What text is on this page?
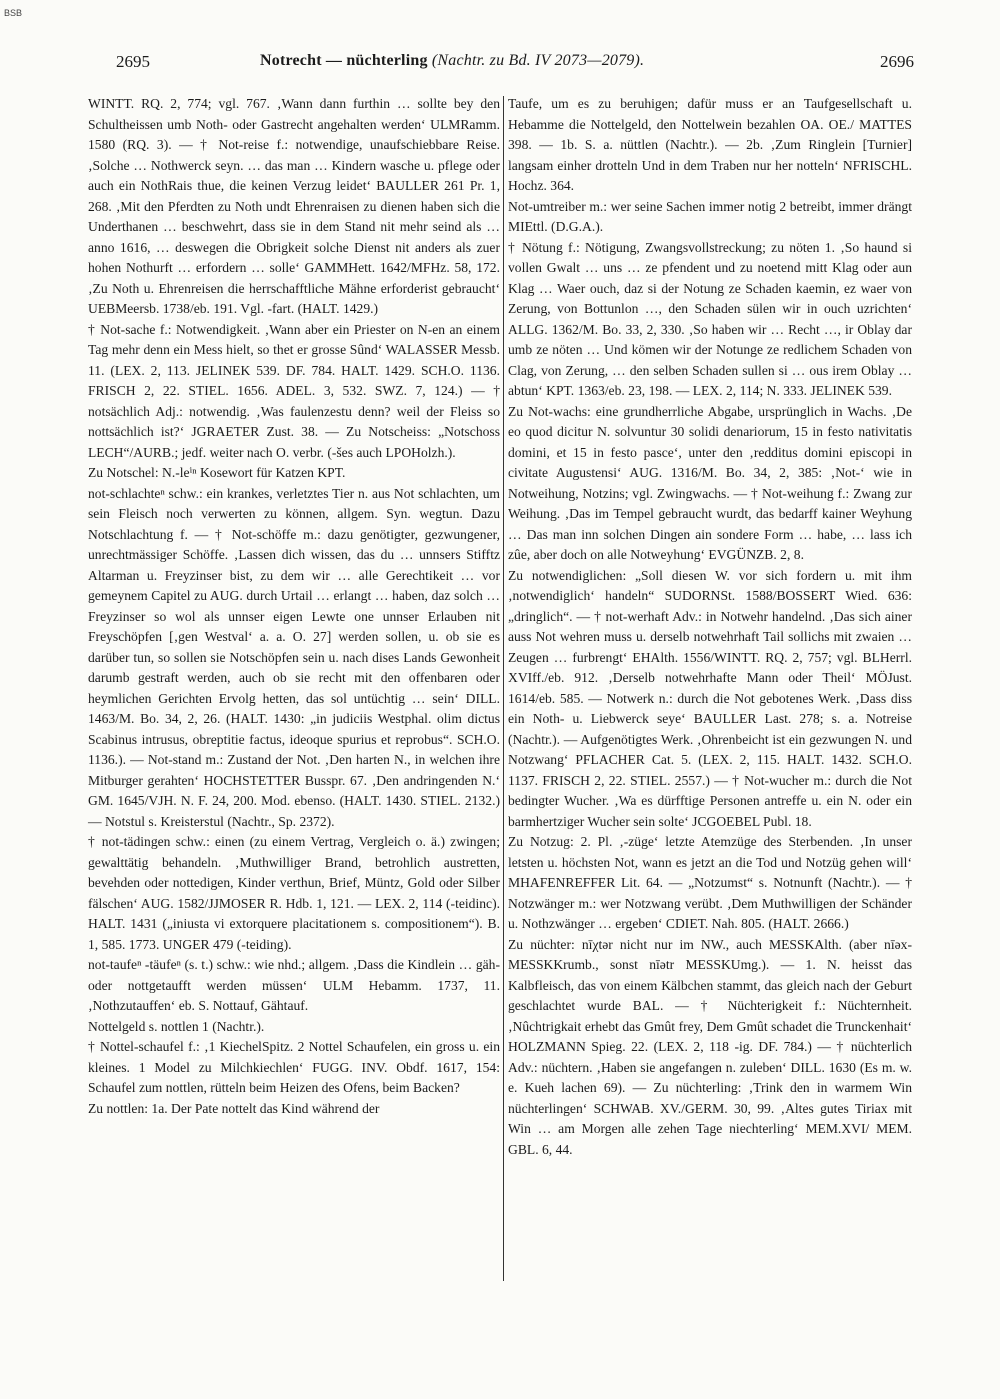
BSB
2695	Notrecht — nüchterling (Nachtr. zu Bd. IV 2073—2079).	2696

WINTT. RQ. 2, 774; vgl. 767. ‚Wann dann furthin … sollte bey den Schultheissen umb Noth- oder Gastrecht angehalten werden‘ ULMRamm. 1580 (RQ. 3). — † Not-reise f.: notwendige, unaufschiebbare Reise. ‚Solche … Nothwerck seyn. … das man … Kindern wasche u. pflege oder auch ein NothRais thue, die keinen Verzug leidet‘ BAULLER 261 Pr. 1, 268. ‚Mit den Pferdten zu Noth undt Ehrenraisen zu dienen haben sich die Underthanen … beschwehrt, dass sie in dem Stand nit mehr seind als … anno 1616, … deswegen die Obrigkeit solche Dienst nit anders als zuer hohen Nothurft … erfordern … solle‘ GAMMHett. 1642/MFHz. 58, 172. ‚Zu Noth u. Ehrenreisen die herrschafftliche Mähne erforderist gebraucht‘ UEBMeersb. 1738/eb. 191. Vgl. -fart. (HALT. 1429.)

† Not-sache f.: Notwendigkeit. ‚Wann aber ein Priester on N-en an einem Tag mehr denn ein Mess hielt, so thet er grosse Sûnd‘ WALASSER Messb. 11. (LEX. 2, 113. JELINEK 539. DF. 784. HALT. 1429. SCH.O. 1136. FRISCH 2, 22. STIEL. 1656. ADEL. 3, 532. SWZ. 7, 124.) — † notsächlich Adj.: notwendig. ‚Was faulenzestu denn? weil der Fleiss so nottsächlich ist?‘ JGRAETER Zust. 38. — Zu Notscheiss: „Notschoss LECH“/AURB.; jedf. weiter nach O. verbr. (-šes auch LPOHolzh.).

Zu Notschel: N.-leⁱⁿ Kosewort für Katzen KPT.

not-schlachteⁿ schw.: ein krankes, verletztes Tier n. aus Not schlachten, um sein Fleisch noch verwerten zu können, allgem. Syn. wegtun. Dazu Notschlachtung f. — † Not-schöffe m.: dazu genötigter, gezwungener, unrechtmässiger Schöffe. ‚Lassen dich wissen, das du … unnsers Stifftz Altarman u. Freyzinser bist, zu dem wir … alle Gerechtikeit … vor gemeynem Capitel zu AUG. durch Urtail … erlangt … haben, daz solch … Freyzinser so wol als unnser eigen Lewte one unnser Erlauben nit Freyschöpfen [‚gen Westval‘ a. a. O. 27] werden sollen, u. ob sie es darüber tun, so sollen sie Notschöpfen sein u. nach dises Lands Gewonheit darumb gestraft werden, auch ob sie recht mit den offenbaren oder heymlichen Gerichten Ervolg hetten, das sol untüchtig … sein‘ DILL. 1463/M. Bo. 34, 2, 26. (HALT. 1430: „in judiciis Westphal. olim dictus Scabinus intrusus, obreptitie factus, ideoque spurius et reprobus“. SCH.O. 1136.). — Not-stand m.: Zustand der Not. ‚Den harten N., in welchen ihre Mitburger gerahten‘ HOCHSTETTER Busspr. 67. ‚Den andringenden N.‘ GM. 1645/VJH. N. F. 24, 200. Mod. ebenso. (HALT. 1430. STIEL. 2132.) — Notstul s. Kreisterstul (Nachtr., Sp. 2372).

† not-tädingen schw.: einen (zu einem Vertrag, Vergleich o. ä.) zwingen; gewalttätig behandeln. ‚Muthwilliger Brand, betrohlich austretten, bevehden oder nottedigen, Kinder verthun, Brief, Müntz, Gold oder Silber fälschen‘ AUG. 1582/JJMOSER R. Hdb. 1, 121. — LEX. 2, 114 (-teidinc). HALT. 1431 („iniusta vi extorquere placitationem s. compositionem“). B. 1, 585. 1773. UNGER 479 (-teiding).

not-taufeⁿ -täufeⁿ (s. t.) schw.: wie nhd.; allgem. ‚Dass die Kindlein … gäh- oder nottgetaufft werden müssen‘ ULM Hebamm. 1737, 11. ‚Nothzutauffen‘ eb. S. Nottauf, Gähtauf.

Nottelgeld s. nottlen 1 (Nachtr.).

† Nottel-schaufel f.: ‚1 KiechelSpitz. 2 Nottel Schaufelen, ein gross u. ein kleines. 1 Model zu Milchkiechlen‘ FUGG. INV. Obdf. 1617, 154: Schaufel zum nottlen, rütteln beim Heizen des Ofens, beim Backen?

Zu nottlen: 1a. Der Pate nottelt das Kind während der

Taufe, um es zu beruhigen; dafür muss er an Taufgesellschaft u. Hebamme die Nottelgeld, den Nottelwein bezahlen OA. OE./ MATTES 398. — 1b. S. a. nüttlen (Nachtr.). — 2b. ‚Zum Ringlein [Turnier] langsam einher drotteln Und in dem Traben nur her notteln‘ NFRISCHL. Hochz. 364.

Not-umtreiber m.: wer seine Sachen immer notig 2 betreibt, immer drängt MIEttl. (D.G.A.).

† Nötung f.: Nötigung, Zwangsvollstreckung; zu nöten 1. ‚So haund si vollen Gwalt … uns … ze pfendent und zu noetend mitt Klag oder aun Klag … Waer ouch, daz si der Notung ze Schaden kaemin, ez waer von Zerung, von Bottunlon …, den Schaden sülen wir in ouch uzrichten‘ ALLG. 1362/M. Bo. 33, 2, 330. ‚So haben wir … Recht …, ir Oblay dar umb ze nöten … Und kömen wir der Notunge ze redlichem Schaden von Clag, von Zerung, … den selben Schaden sullen si … ous irem Oblay … abtun‘ KPT. 1363/eb. 23, 198. — LEX. 2, 114; N. 333. JELINEK 539.

Zu Not-wachs: eine grundherrliche Abgabe, ursprünglich in Wachs. ‚De eo quod dicitur N. solvuntur 30 solidi denariorum, 15 in festo nativitatis domini, et 15 in festo pasce‘, unter den ‚redditus domini episcopi in civitate Augustensi‘ AUG. 1316/M. Bo. 34, 2, 385: ‚Not-‘ wie in Notweihung, Notzins; vgl. Zwingwachs. — † Not-weihung f.: Zwang zur Weihung. ‚Das im Tempel gebraucht wurdt, das bedarff kainer Weyhung … Das man inn solchen Dingen ain sondere Form … habe, … lass ich zûe, aber doch on alle Notweyhung‘ EVGÜNZB. 2, 8.

Zu notwendiglichen: „Soll diesen W. vor sich fordern u. mit ihm ‚notwendiglich‘ handeln“ SUDORNSt. 1588/BOSSERT Wied. 636: „dringlich“. — † not-werhaft Adv.: in Notwehr handelnd. ‚Das sich ainer auss Not wehren muss u. derselb notwehrhaft Tail sollichs mit zwaien … Zeugen … furbrengt‘ EHAlth. 1556/WINTT. RQ. 2, 757; vgl. BLHerrl. XVIff./eb. 912. ‚Derselb notwehrhafte Mann oder Theil‘ MÖJust. 1614/eb. 585. — Notwerk n.: durch die Not gebotenes Werk. ‚Dass diss ein Noth- u. Liebwerck seye‘ BAULLER Last. 278; s. a. Notreise (Nachtr.). — Aufgenötigtes Werk. ‚Ohrenbeicht ist ein gezwungen N. und Notzwang‘ PFLACHER Cat. 5. (LEX. 2, 115. HALT. 1432. SCH.O. 1137. FRISCH 2, 22. STIEL. 2557.) — † Not-wucher m.: durch die Not bedingter Wucher. ‚Wa es dürfftige Personen antreffe u. ein N. oder ein barmhertziger Wucher sein solte‘ JCGOEBEL Publ. 18.

Zu Notzug: 2. Pl. ‚-züge‘ letzte Atemzüge des Sterbenden. ‚In unser letsten u. höchsten Not, wann es jetzt an die Tod und Notzüg gehen will‘ MHAFENREFFER Lit. 64. — „Notzumst“ s. Notnunft (Nachtr.). — † Notzwänger m.: wer Notzwang verübt. ‚Dem Muthwilligen der Schänder u. Nothzwänger … ergeben‘ CDIET. Nah. 805. (HALT. 2666.)

Zu nüchter: nīχtər nicht nur im NW., auch MESSKAlth. (aber nīəx- MESSKKrumb., sonst nīətr MESSKUmg.). — 1. N. heisst das Kalbfleisch, das von einem Kälbchen stammt, das gleich nach der Geburt geschlachtet wurde BAL. — † Nüchterigkeit f.: Nüchternheit. ‚Nûchtrigkait erhebt das Gmût frey, Dem Gmût schadet die Trunckenhait‘ HOLZMANN Spieg. 22. (LEX. 2, 118 -ig. DF. 784.) — † nüchterlich Adv.: nüchtern. ‚Haben sie angefangen n. zuleben‘ DILL. 1630 (Es m. w. e. Kueh lachen 69). — Zu nüchterling: ‚Trink den in warmem Win nüchterlingen‘ SCHWAB. XV./GERM. 30, 99. ‚Altes gutes Tiriax mit Win … am Morgen alle zehen Tage niechterling‘ MEM.XVI/ MEM. GBL. 6, 44.
